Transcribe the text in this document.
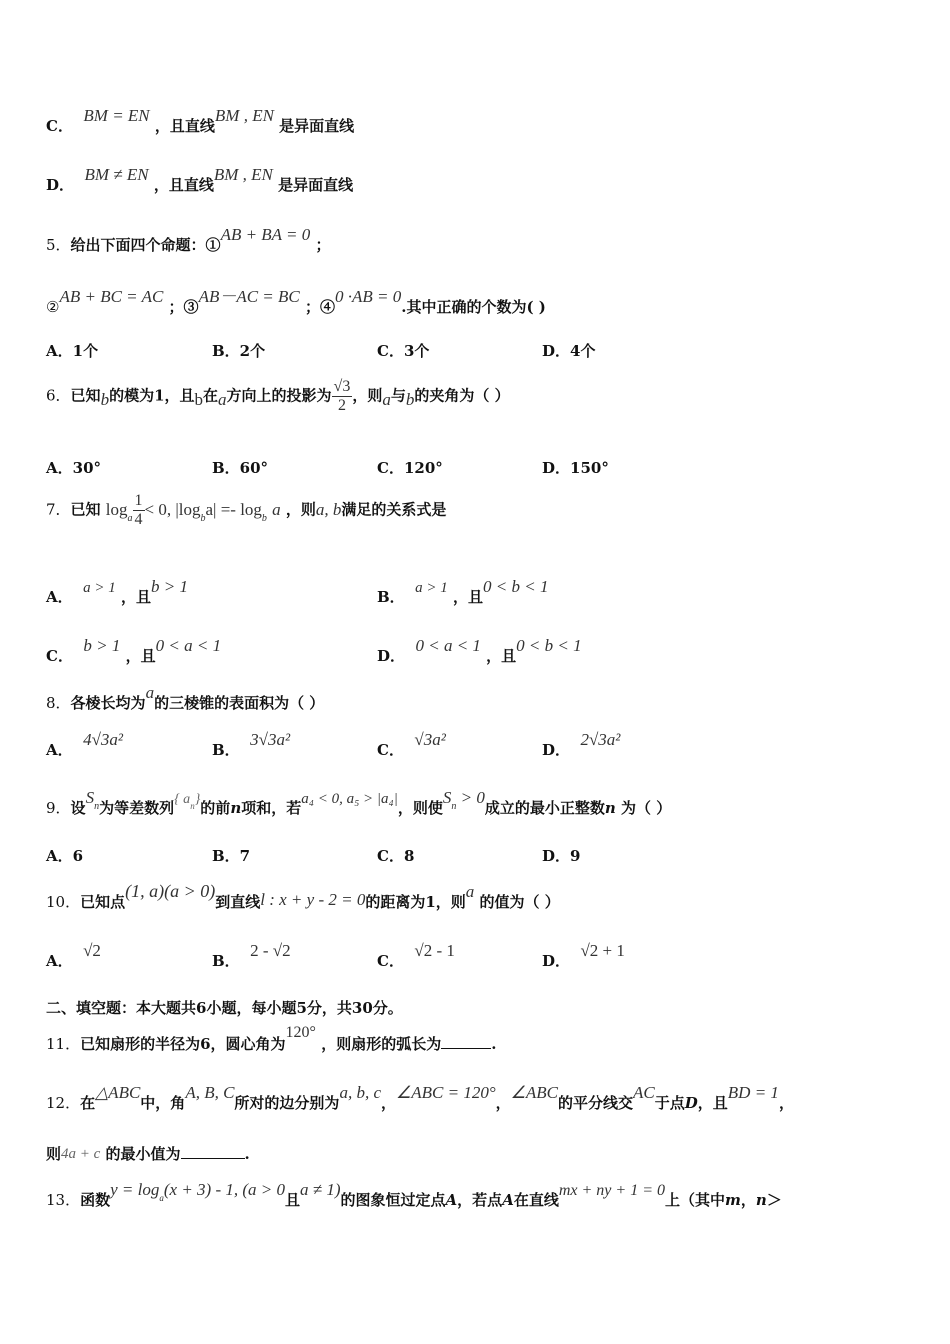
C．  BM = EN ，且直线BM , EN 是异面直线
D．  BM ≠ EN ，且直线BM , EN 是异面直线
5．给出下面四个命题：①AB + BA = 0 ；
②AB + BC = AC ；③AB－AC = BC ；④0 ·AB = 0.其中正确的个数为( )
A．1个	B．2个	C．3个	D．4个
6．已知b的模为1，且b在a方向上的投影为 $\frac{√3}{2}$ ，则a与b的夹角为（ ）
A．30°	B．60°	C．120°	D．150°
7．已知 $\log_a \frac{1}{4} < 0$, $|\log_ba| =- \log_b a$ ，则a, b满足的关系式是
A． a > 1 ，且b > 1
B． a > 1 ，且0 < b < 1
C．  b > 1 ，且0 < a < 1
D．  0 < a < 1 ，且0 < b < 1
8．各棱长均为a的三棱锥的表面积为（ ）
A．  4√3a²
B．  3√3a²
C．  √3a²
D．  2√3a²
9．设$S_n$为等差数列{ $a_n$}的前n项和，若a₄ < 0, a₅ > |a₄|，则使$S_n > 0$成立的最小正整数n 为（ ）
A．6	B．7	C．8	D．9
10．已知点(1, a)(a > 0)到直线l : x + y - 2 = 0的距离为1，则a 的值为（ ）
A．  √2
B．  2 - √2
C．  √2 - 1
D．  √2 + 1
二、填空题：本大题共6小题，每小题5分，共30分。
11．已知扇形的半径为6，圆心角为120° ，则扇形的弧长为	.
12．在△ABC中，角A, B, C所对的边分别为a, b, c，∠ABC = 120°，∠ABC的平分线交AC于点D，且BD = 1，
则4a + c 的最小值为	.
13．函数$y = \log_a(x + 3) - 1$, (a > 0且a ≠ 1)的图象恒过定点A，若点A在直线mx + ny + 1 = 0上（其中m，n＞
